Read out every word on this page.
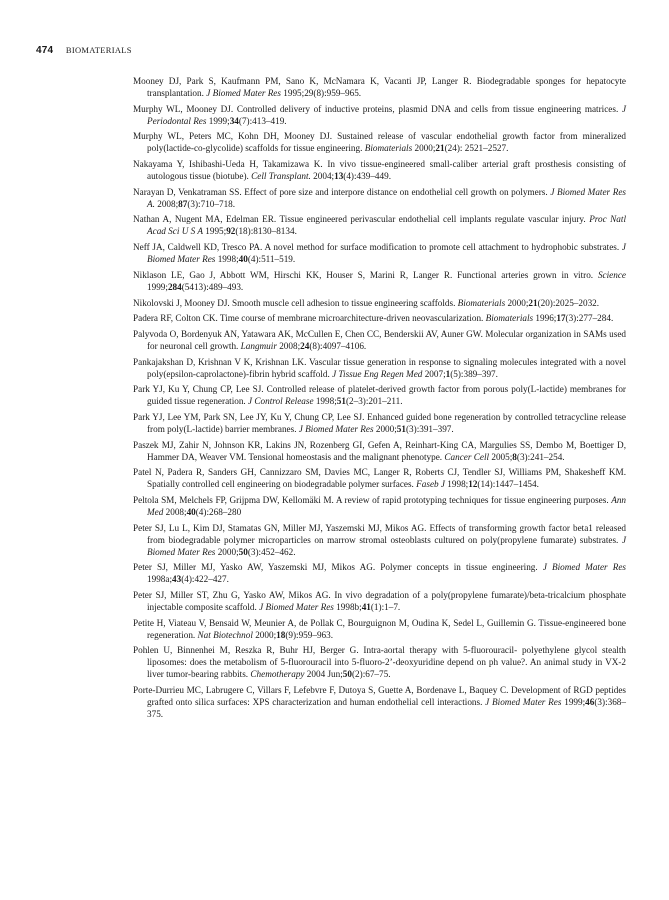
474 BIOMATERIALS
Mooney DJ, Park S, Kaufmann PM, Sano K, McNamara K, Vacanti JP, Langer R. Biodegradable sponges for hepatocyte transplantation. J Biomed Mater Res 1995;29(8):959–965.
Murphy WL, Mooney DJ. Controlled delivery of inductive proteins, plasmid DNA and cells from tissue engineering matrices. J Periodontal Res 1999;34(7):413–419.
Murphy WL, Peters MC, Kohn DH, Mooney DJ. Sustained release of vascular endothelial growth factor from mineralized poly(lactide-co-glycolide) scaffolds for tissue engineering. Biomaterials 2000;21(24): 2521–2527.
Nakayama Y, Ishibashi-Ueda H, Takamizawa K. In vivo tissue-engineered small-caliber arterial graft prosthesis consisting of autologous tissue (biotube). Cell Transplant. 2004;13(4):439–449.
Narayan D, Venkatraman SS. Effect of pore size and interpore distance on endothelial cell growth on polymers. J Biomed Mater Res A. 2008;87(3):710–718.
Nathan A, Nugent MA, Edelman ER. Tissue engineered perivascular endothelial cell implants regulate vascular injury. Proc Natl Acad Sci U S A 1995;92(18):8130–8134.
Neff JA, Caldwell KD, Tresco PA. A novel method for surface modification to promote cell attachment to hydrophobic substrates. J Biomed Mater Res 1998;40(4):511–519.
Niklason LE, Gao J, Abbott WM, Hirschi KK, Houser S, Marini R, Langer R. Functional arteries grown in vitro. Science 1999;284(5413):489–493.
Nikolovski J, Mooney DJ. Smooth muscle cell adhesion to tissue engineering scaffolds. Biomaterials 2000;21(20):2025–2032.
Padera RF, Colton CK. Time course of membrane microarchitecture-driven neovascularization. Biomaterials 1996;17(3):277–284.
Palyvoda O, Bordenyuk AN, Yatawara AK, McCullen E, Chen CC, Benderskii AV, Auner GW. Molecular organization in SAMs used for neuronal cell growth. Langmuir 2008;24(8):4097–4106.
Pankajakshan D, Krishnan V K, Krishnan LK. Vascular tissue generation in response to signaling molecules integrated with a novel poly(epsilon-caprolactone)-fibrin hybrid scaffold. J Tissue Eng Regen Med 2007;1(5):389–397.
Park YJ, Ku Y, Chung CP, Lee SJ. Controlled release of platelet-derived growth factor from porous poly(L-lactide) membranes for guided tissue regeneration. J Control Release 1998;51(2–3):201–211.
Park YJ, Lee YM, Park SN, Lee JY, Ku Y, Chung CP, Lee SJ. Enhanced guided bone regeneration by controlled tetracycline release from poly(L-lactide) barrier membranes. J Biomed Mater Res 2000;51(3):391–397.
Paszek MJ, Zahir N, Johnson KR, Lakins JN, Rozenberg GI, Gefen A, Reinhart-King CA, Margulies SS, Dembo M, Boettiger D, Hammer DA, Weaver VM. Tensional homeostasis and the malignant phenotype. Cancer Cell 2005;8(3):241–254.
Patel N, Padera R, Sanders GH, Cannizzaro SM, Davies MC, Langer R, Roberts CJ, Tendler SJ, Williams PM, Shakesheff KM. Spatially controlled cell engineering on biodegradable polymer surfaces. Faseb J 1998;12(14):1447–1454.
Peltola SM, Melchels FP, Grijpma DW, Kellomäki M. A review of rapid prototyping techniques for tissue engineering purposes. Ann Med 2008;40(4):268–280
Peter SJ, Lu L, Kim DJ, Stamatas GN, Miller MJ, Yaszemski MJ, Mikos AG. Effects of transforming growth factor beta1 released from biodegradable polymer microparticles on marrow stromal osteoblasts cultured on poly(propylene fumarate) substrates. J Biomed Mater Res 2000;50(3):452–462.
Peter SJ, Miller MJ, Yasko AW, Yaszemski MJ, Mikos AG. Polymer concepts in tissue engineering. J Biomed Mater Res 1998a;43(4):422–427.
Peter SJ, Miller ST, Zhu G, Yasko AW, Mikos AG. In vivo degradation of a poly(propylene fumarate)/beta-tricalcium phosphate injectable composite scaffold. J Biomed Mater Res 1998b;41(1):1–7.
Petite H, Viateau V, Bensaid W, Meunier A, de Pollak C, Bourguignon M, Oudina K, Sedel L, Guillemin G. Tissue-engineered bone regeneration. Nat Biotechnol 2000;18(9):959–963.
Pohlen U, Binnenhei M, Reszka R, Buhr HJ, Berger G. Intra-aortal therapy with 5-fluorouracil- polyethylene glycol stealth liposomes: does the metabolism of 5-fluorouracil into 5-fluoro-2’-deoxyuridine depend on ph value?. An animal study in VX-2 liver tumor-bearing rabbits. Chemotherapy 2004 Jun;50(2):67–75.
Porte-Durrieu MC, Labrugere C, Villars F, Lefebvre F, Dutoya S, Guette A, Bordenave L, Baquey C. Development of RGD peptides grafted onto silica surfaces: XPS characterization and human endothelial cell interactions. J Biomed Mater Res 1999;46(3):368–375.
